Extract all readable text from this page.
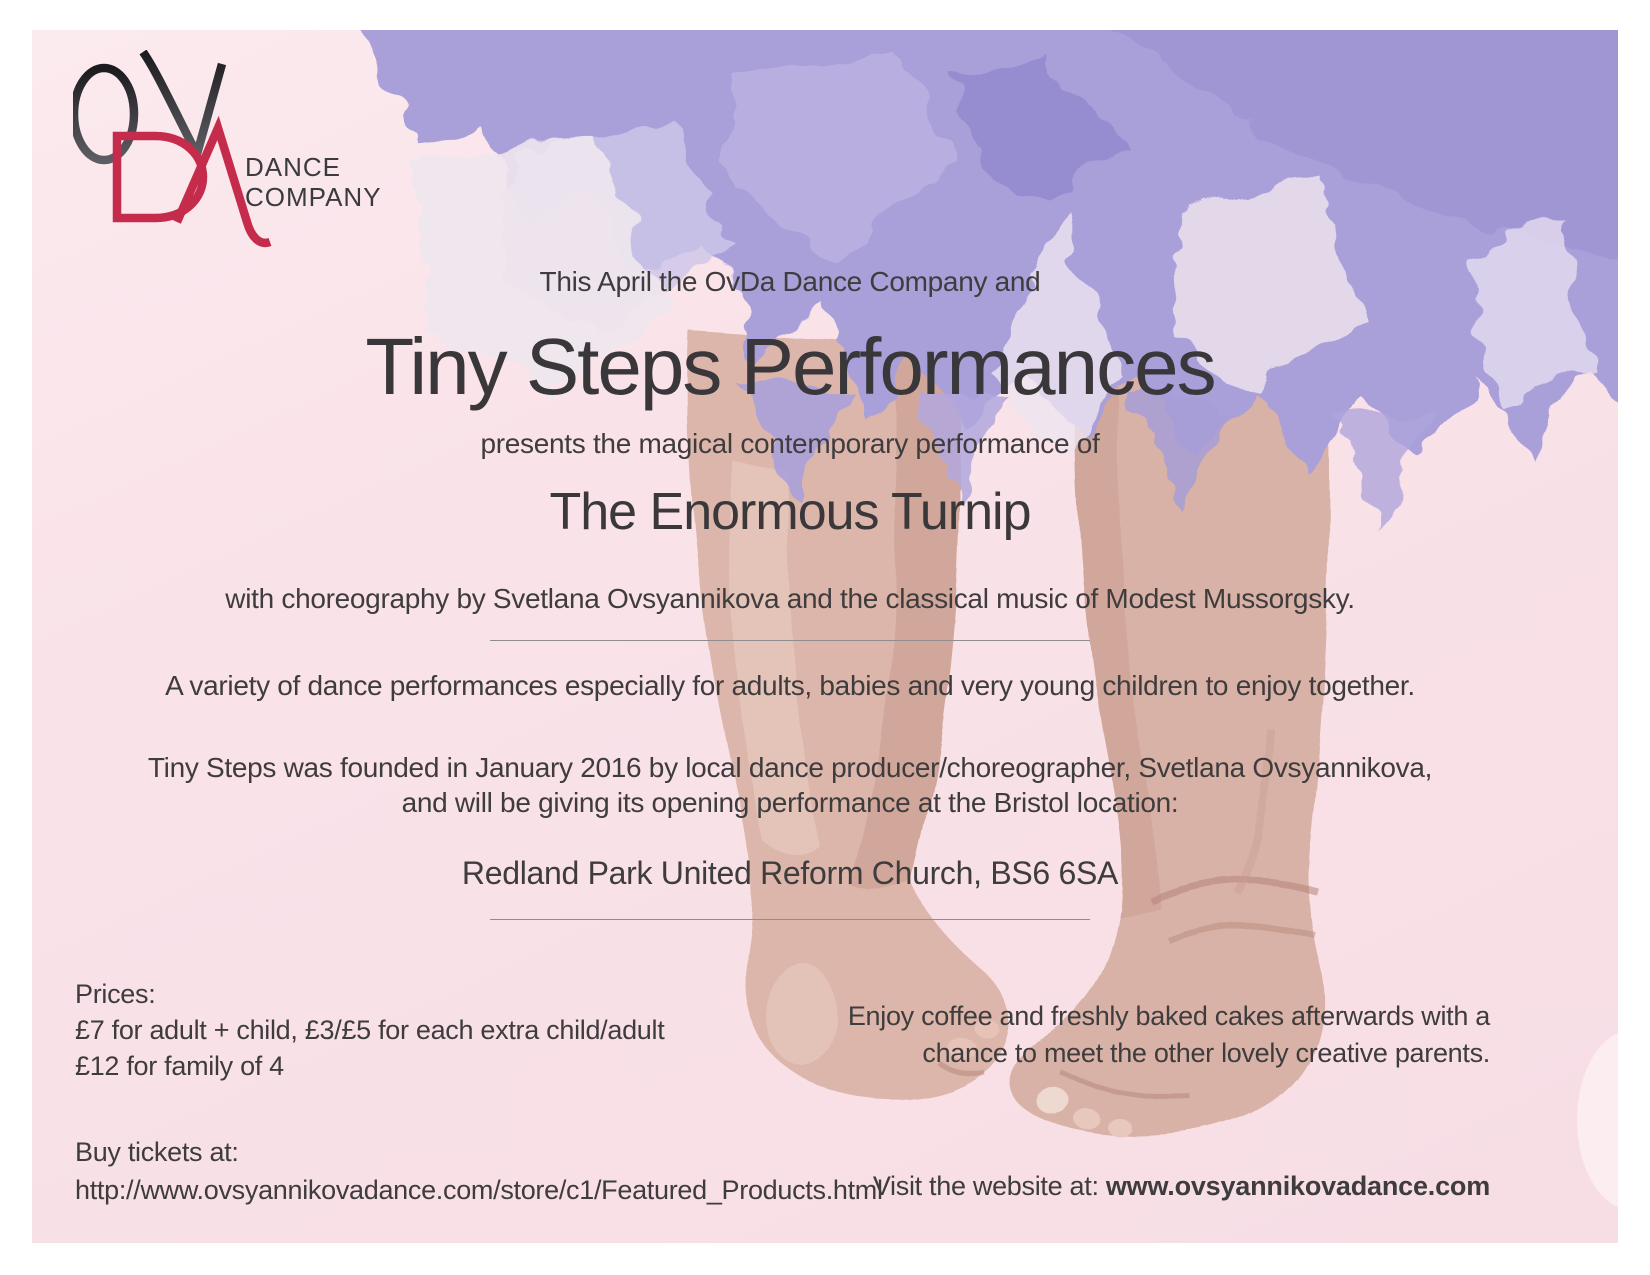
DANCE
COMPANY
This April the OvDa Dance Company and
Tiny Steps Performances
presents the magical contemporary performance of
The Enormous Turnip
with choreography by Svetlana Ovsyannikova and the classical music of Modest Mussorgsky.
A variety of dance performances especially for adults, babies and very young children to enjoy together.
Tiny Steps was founded in January 2016 by local dance producer/choreographer, Svetlana Ovsyannikova,
and will be giving its opening performance at the Bristol location:
Redland Park United Reform Church, BS6 6SA
Prices:
£7 for adult + child, £3/£5 for each extra child/adult
£12 for family of 4
Enjoy coffee and freshly baked cakes afterwards with a
chance to meet the other lovely creative parents.
Buy tickets at:
http://www.ovsyannikovadance.com/store/c1/Featured_Products.html
Visit the website at: www.ovsyannikovadance.com
